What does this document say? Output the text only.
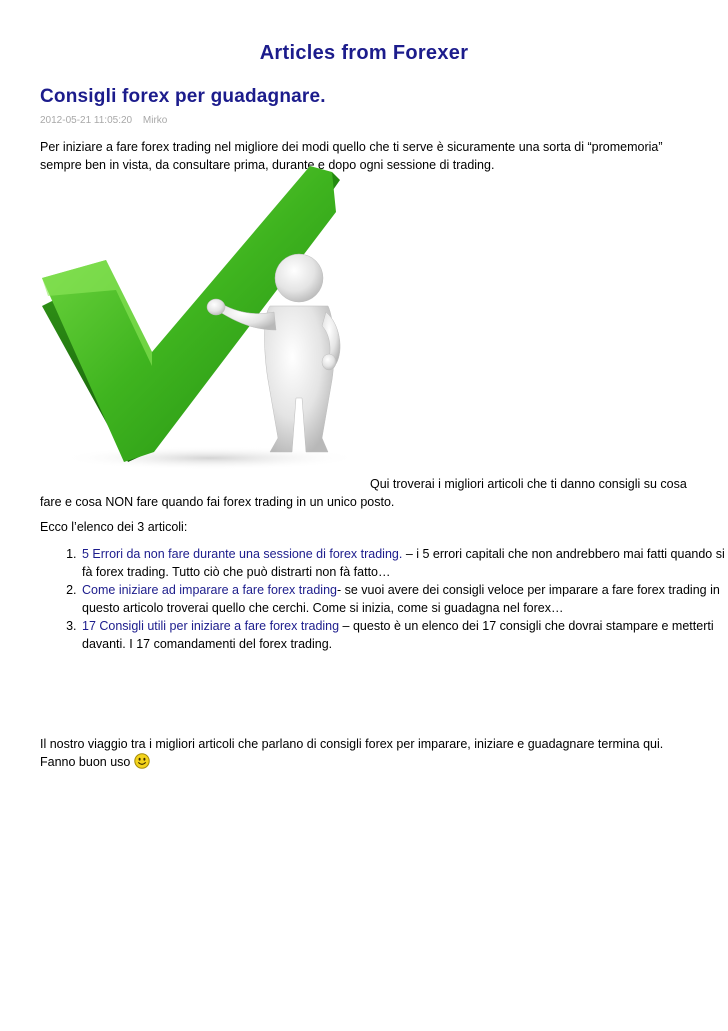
Articles from Forexer
Consigli forex per guadagnare.
2012-05-21 11:05:20 Mirko

Per iniziare a fare forex trading nel migliore dei modi quello che ti serve è sicuramente una sorta di “promemoria” sempre ben in vista, da consultare prima, durante e dopo ogni sessione di trading.

Qui troverai i migliori articoli che ti danno consigli su cosa fare e cosa NON fare quando fai forex trading in un unico posto.

Ecco l’elenco dei 3 articoli:
1. 5 Errori da non fare durante una sessione di forex trading. – i 5 errori capitali che non andrebbero mai fatti quando si fà forex trading. Tutto ciò che può distrarti non fà fatto…
2. Come iniziare ad imparare a fare forex trading- se vuoi avere dei consigli veloce per imparare a fare forex trading in questo articolo troverai quello che cerchi. Come si inizia, come si guadagna nel forex…
3. 17 Consigli utili per iniziare a fare forex trading – questo è un elenco dei 17 consigli che dovrai stampare e metterti davanti. I 17 comandamenti del forex trading.

Il nostro viaggio tra i migliori articoli che parlano di consigli forex per imparare, iniziare e guadagnare termina qui. Fanno buon uso
